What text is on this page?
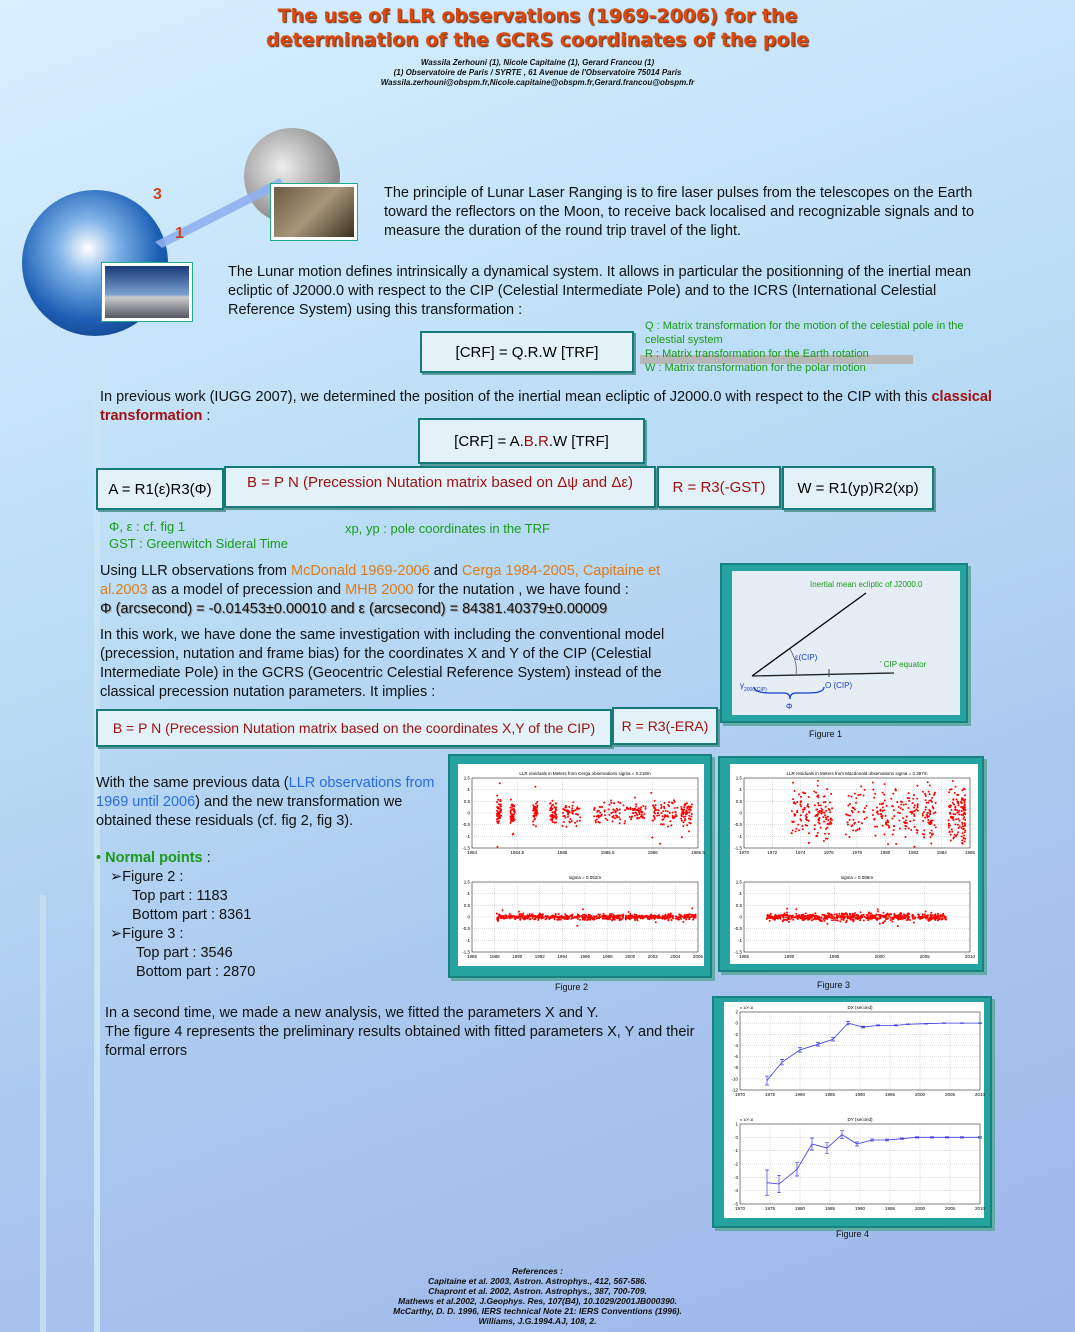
The use of LLR observations (1969-2006) for the
determination of the GCRS coordinates of the pole
Wassila Zerhouni (1), Nicole Capitaine (1), Gerard Francou (1)
(1) Observatoire de Paris / SYRTE , 61 Avenue de l'Observatoire 75014 Paris
Wassila.zerhouni@obspm.fr,Nicole.capitaine@obspm.fr,Gerard.francou@obspm.fr
3
1
The principle of Lunar Laser Ranging is to fire laser pulses from the telescopes on the Earth toward the reflectors on the Moon, to receive back localised and recognizable signals and to measure the duration of the round trip travel of the light.
The Lunar motion defines intrinsically a dynamical system. It allows in particular the positionning of the inertial mean ecliptic of J2000.0 with respect to the CIP (Celestial Intermediate Pole) and to the ICRS (International Celestial Reference System) using this transformation :
[CRF] = Q.R.W [TRF]
Q : Matrix transformation for the motion of the celestial pole in the celestial system
R : Matrix transformation for the Earth rotation
W : Matrix transformation for the polar motion
In previous work (IUGG 2007), we determined the position of the inertial mean ecliptic of J2000.0 with respect to the CIP with this classical transformation :
[CRF] = A. B . R .W [TRF]
A = R1(ε)R3(Φ)	B = P N (Precession Nutation matrix based on Δψ and Δε)	R = R3(-GST)	W = R1(yp)R2(xp)
Φ, ε : cf. fig 1
GST : Greenwitch Sideral Time
xp, yp : pole coordinates in the TRF
Using LLR observations from McDonald 1969-2006 and Cerga 1984-2005, Capitaine et al.2003 as a model of precession and MHB 2000 for the nutation , we have found :
Φ (arcsecond) = -0.01453±0.00010 and ε (arcsecond) = 84381.40379±0.00009
In this work, we have done the same investigation with including the conventional model (precession, nutation and frame bias) for the coordinates X and Y of the CIP (Celestial Intermediate Pole) in the GCRS (Geocentric Celestial Reference System) instead of the classical precession nutation parameters. It implies :
B = P N (Precession Nutation matrix based on the coordinates X,Y of the CIP)	R = R3(-ERA)
Inertial mean ecliptic of J2000.0
' CIP equator
ε(CIP)
$\gamma_{2000(CIP)}$	O (CIP)
Φ
Figure 1
With the same previous data (LLR observations from 1969 until 2006) and the new transformation we obtained these residuals (cf. fig 2, fig 3).
• Normal points :
➢Figure 2 :
Top part : 1183
Bottom part : 8361
➢Figure 3 :
Top part : 3546
Bottom part : 2870
LLR residuals in Meters from Cerga observations sigma = 0.218m
1984	1984.5	1985	1985.5	1986	1986.5
1.5
1
0.5
0
-0.5
-1
-1.5
sigma = 0.052m
1986	1988	1990	1992	1994	1996	1998	2000	2002	2004	2006
1.5
1
0.5
0
-0.5
-1
-1.5
Figure 2
LLR residuals in Meters from Macdonald observations sigma = 0.387m
1970	1972	1974	1976	1978	1980	1982	1984	1986
1.5
1
0.5
0
-0.5
-1
-1.5
sigma = 0.086m
1985	1990	1995	2000	2005	2010
1.5
1
0.5
0
-0.5
-1
-1.5
Figure 3
In a second time, we made a new analysis, we fitted the parameters X and Y.
The figure 4 represents the preliminary results obtained with fitted parameters X, Y and their formal errors
DX (second)
1970	1975	1980	1985	1990	1995	2000	2005	2010
2
0
-2
-4
-6
-8
-10
-12
x 10^-8
DY (second)
1970	1975	1980	1985	1990	1995	2000	2005	2010
1
0
-1
-2
-3
-4
-5
x 10^-8
Figure 4
References :
Capitaine et al. 2003, Astron. Astrophys., 412, 567-586.
Chapront et al. 2002, Astron. Astrophys., 387, 700-709.
Mathews et al.2002, J.Geophys. Res, 107(B4), 10.1029/2001JB000390.
McCarthy, D. D. 1996, IERS technical Note 21: IERS Conventions (1996).
Williams, J.G.1994.AJ, 108, 2.
